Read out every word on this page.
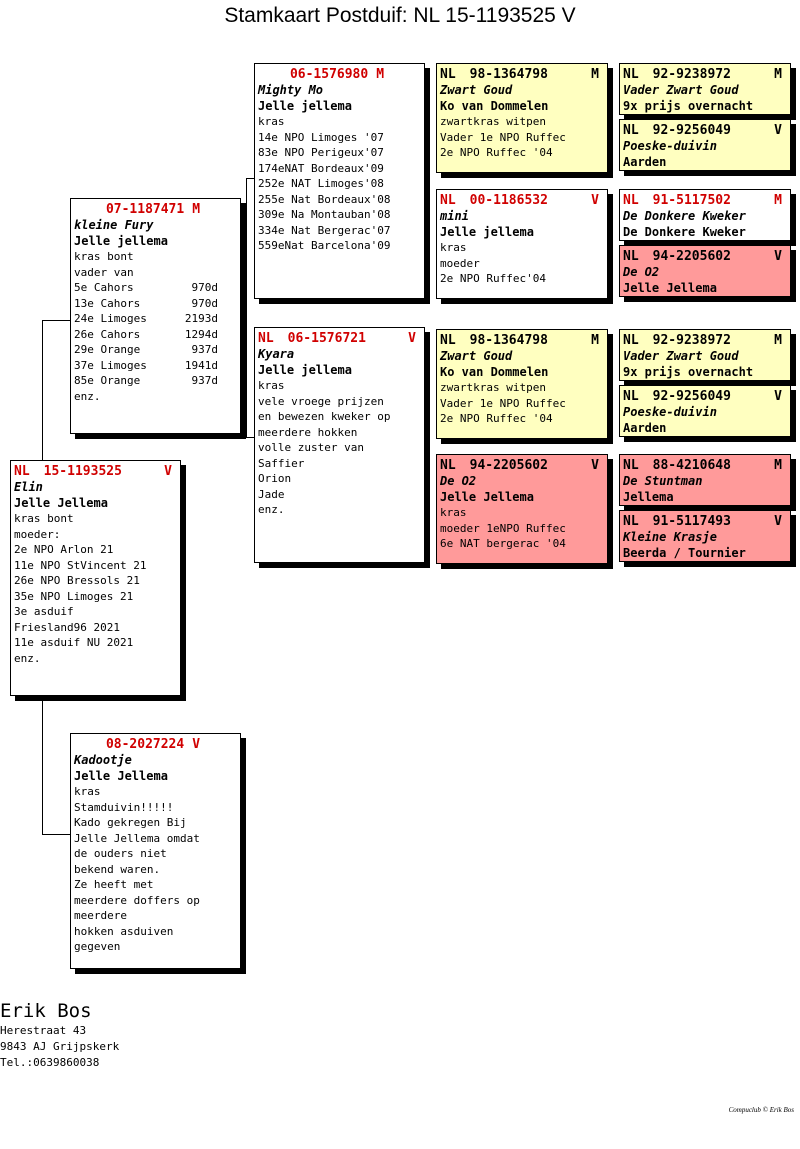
Stamkaart Postduif: NL 15-1193525 V
NL 15-1193525	V
Elin
Jelle Jellema
kras bont
moeder:
2e NPO Arlon 21
11e NPO StVincent 21
26e NPO Bressols 21
35e NPO Limoges 21
3e asduif
Friesland96 2021
11e asduif NU 2021
enz.
07-1187471 M
kleine Fury
Jelle jellema
kras bont
vader van
5e Cahors	970d
13e Cahors	970d
24e Limoges	2193d
26e Cahors	1294d
29e Orange	937d
37e Limoges	1941d
85e Orange	937d
enz.
08-2027224 V
Kadootje
Jelle Jellema
kras
Stamduivin!!!!!
Kado gekregen Bij
Jelle Jellema omdat
de ouders niet
bekend waren.
Ze heeft met
meerdere doffers op
meerdere
hokken asduiven
gegeven
06-1576980 M
Mighty Mo
Jelle jellema
kras
14e NPO Limoges '07
83e NPO Perigeux'07
174eNAT Bordeaux'09
252e NAT Limoges'08
255e Nat Bordeaux'08
309e Na Montauban'08
334e Nat Bergerac'07
559eNat Barcelona'09
NL 06-1576721	V
Kyara
Jelle jellema
kras
vele vroege prijzen
en bewezen kweker op
meerdere hokken
volle zuster van
Saffier
Orion
Jade
enz.
NL 98-1364798	M
Zwart Goud
Ko van Dommelen
zwartkras witpen
Vader 1e NPO Ruffec
2e NPO Ruffec '04
NL 00-1186532	V
mini
Jelle jellema
kras
moeder
2e NPO Ruffec'04
NL 98-1364798	M
Zwart Goud
Ko van Dommelen
zwartkras witpen
Vader 1e NPO Ruffec
2e NPO Ruffec '04
NL 94-2205602	V
De O2
Jelle Jellema
kras
moeder 1eNPO Ruffec
6e NAT bergerac '04
NL 92-9238972	M
Vader Zwart Goud
9x prijs overnacht
NL 92-9256049	V
Poeske-duivin
Aarden
NL 91-5117502	M
De Donkere Kweker
De Donkere Kweker
NL 94-2205602	V
De O2
Jelle Jellema
NL 92-9238972	M
Vader Zwart Goud
9x prijs overnacht
NL 92-9256049	V
Poeske-duivin
Aarden
NL 88-4210648	M
De Stuntman
Jellema
NL 91-5117493	V
Kleine Krasje
Beerda / Tournier
Erik Bos
Herestraat 43
9843 AJ Grijpskerk
Tel.:0639860038
Compuclub © Erik Bos
